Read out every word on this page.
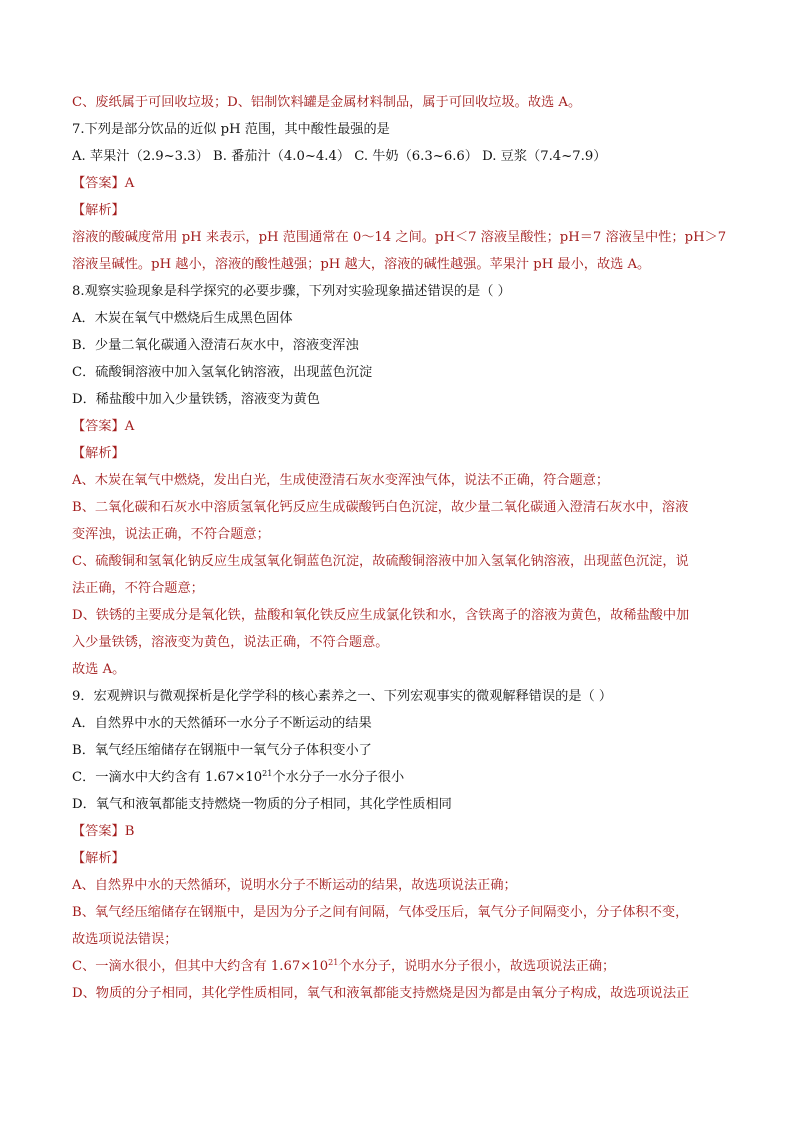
C、废纸属于可回收垃圾；D、铝制饮料罐是金属材料制品，属于可回收垃圾。故选 A。
7.下列是部分饮品的近似 pH 范围，其中酸性最强的是
A. 苹果汁（2.9~3.3） B. 番茄汁（4.0~4.4） C. 牛奶（6.3~6.6） D. 豆浆（7.4~7.9）
【答案】A
【解析】
溶液的酸碱度常用 pH 来表示，pH 范围通常在 0～14 之间。pH＜7 溶液呈酸性；pH＝7 溶液呈中性；pH＞7
溶液呈碱性。pH 越小，溶液的酸性越强；pH 越大，溶液的碱性越强。苹果汁 pH 最小，故选 A。
8.观察实验现象是科学探究的必要步骤，下列对实验现象描述错误的是（ ）
A．木炭在氧气中燃烧后生成黑色固体
B．少量二氧化碳通入澄清石灰水中，溶液变浑浊
C．硫酸铜溶液中加入氢氧化钠溶液，出现蓝色沉淀
D．稀盐酸中加入少量铁锈，溶液变为黄色
【答案】A
【解析】
A、木炭在氧气中燃烧，发出白光，生成使澄清石灰水变浑浊气体，说法不正确，符合题意；
B、二氧化碳和石灰水中溶质氢氧化钙反应生成碳酸钙白色沉淀，故少量二氧化碳通入澄清石灰水中，溶液
变浑浊，说法正确，不符合题意；
C、硫酸铜和氢氧化钠反应生成氢氧化铜蓝色沉淀，故硫酸铜溶液中加入氢氧化钠溶液，出现蓝色沉淀，说
法正确，不符合题意；
D、铁锈的主要成分是氧化铁，盐酸和氧化铁反应生成氯化铁和水，含铁离子的溶液为黄色，故稀盐酸中加
入少量铁锈，溶液变为黄色，说法正确，不符合题意。
故选 A。
9．宏观辨识与微观探析是化学学科的核心素养之一、下列宏观事实的微观解释错误的是（ ）
A．自然界中水的天然循环一水分子不断运动的结果
B．氧气经压缩储存在钢瓶中一氧气分子体积变小了
C．一滴水中大约含有 $1.67\times 10^{21}$个水分子一水分子很小
D．氧气和液氧都能支持燃烧一物质的分子相同，其化学性质相同
【答案】B
【解析】
A、自然界中水的天然循环，说明水分子不断运动的结果，故选项说法正确；
B、氧气经压缩储存在钢瓶中，是因为分子之间有间隔，气体受压后，氧气分子间隔变小，分子体积不变，
故选项说法错误；
C、一滴水很小，但其中大约含有 $1.67\times 10^{21}$个水分子，说明水分子很小，故选项说法正确；
D、物质的分子相同，其化学性质相同，氧气和液氧都能支持燃烧是因为都是由氧分子构成，故选项说法正
